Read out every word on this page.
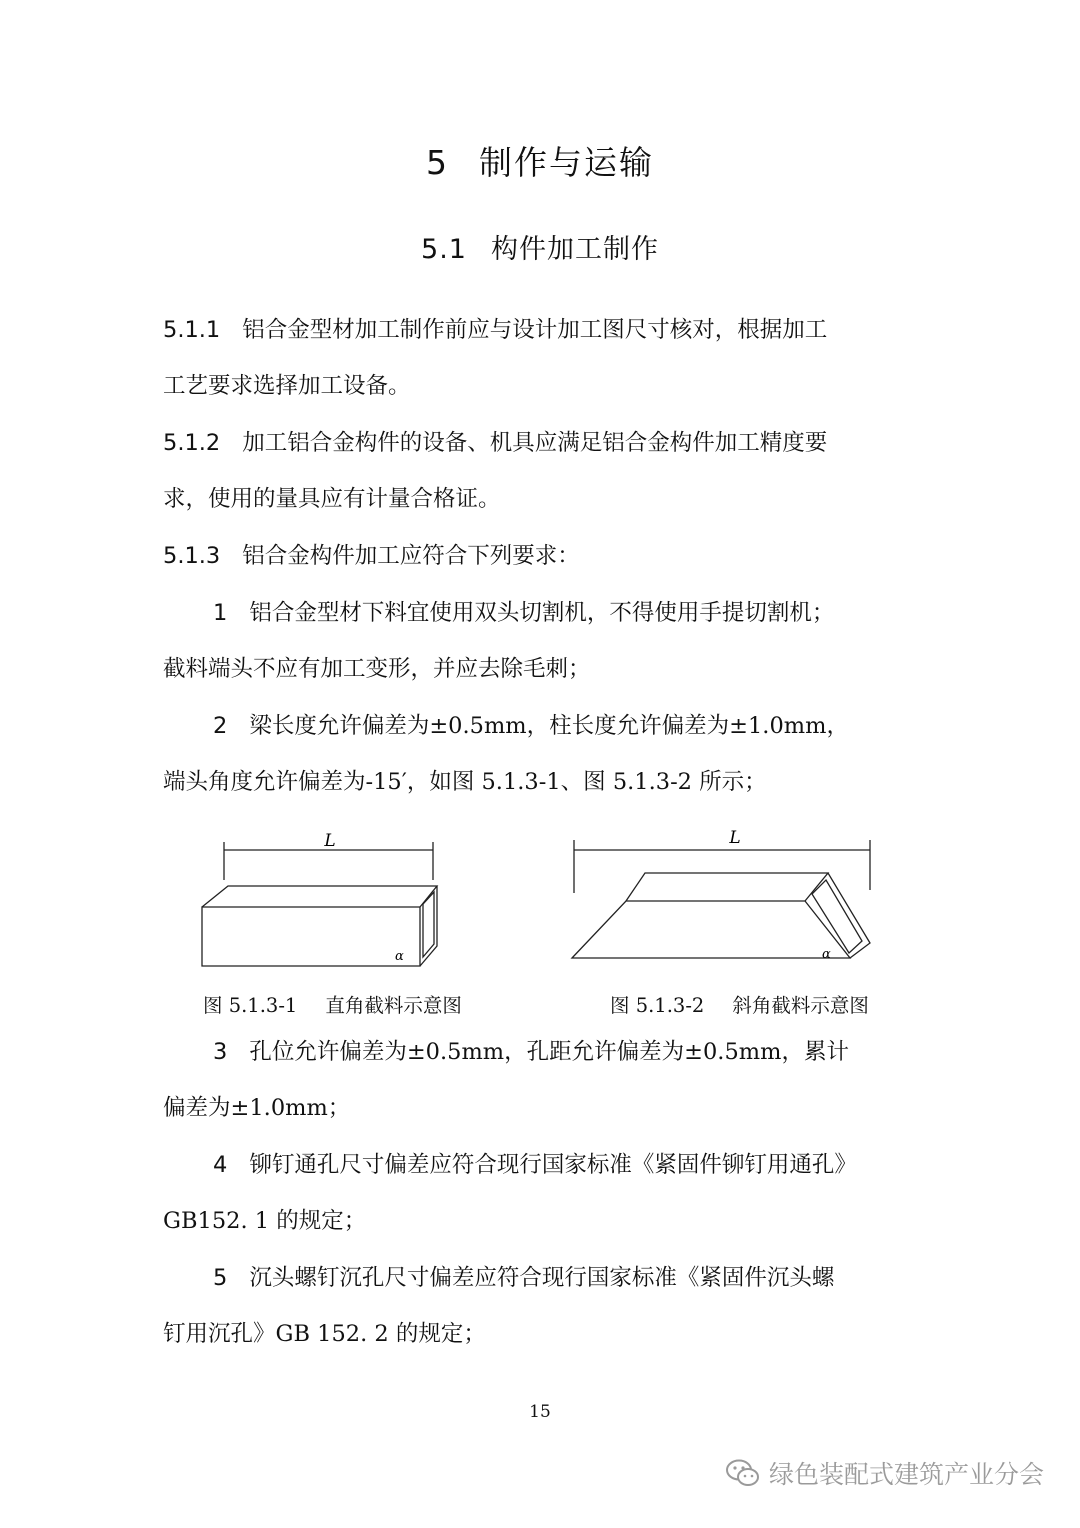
5 制作与运输
5.1 构件加工制作
5.1.1 铝合金型材加工制作前应与设计加工图尺寸核对，根据加工
工艺要求选择加工设备。
5.1.2 加工铝合金构件的设备、机具应满足铝合金构件加工精度要
求，使用的量具应有计量合格证。
5.1.3 铝合金构件加工应符合下列要求：
1 铝合金型材下料宜使用双头切割机，不得使用手提切割机；
截料端头不应有加工变形，并应去除毛刺；
2 梁长度允许偏差为±0.5mm，柱长度允许偏差为±1.0mm，
端头角度允许偏差为-15′，如图 5.1.3-1、图 5.1.3-2 所示；
L
α
L
α
图 5.1.3-1 直角截料示意图	图 5.1.3-2 斜角截料示意图
3 孔位允许偏差为±0.5mm，孔距允许偏差为±0.5mm，累计
偏差为±1.0mm；
4 铆钉通孔尺寸偏差应符合现行国家标准《紧固件铆钉用通孔》
GB152. 1 的规定；
5 沉头螺钉沉孔尺寸偏差应符合现行国家标准《紧固件沉头螺
钉用沉孔》GB 152. 2 的规定；
15
绿色装配式建筑产业分会
